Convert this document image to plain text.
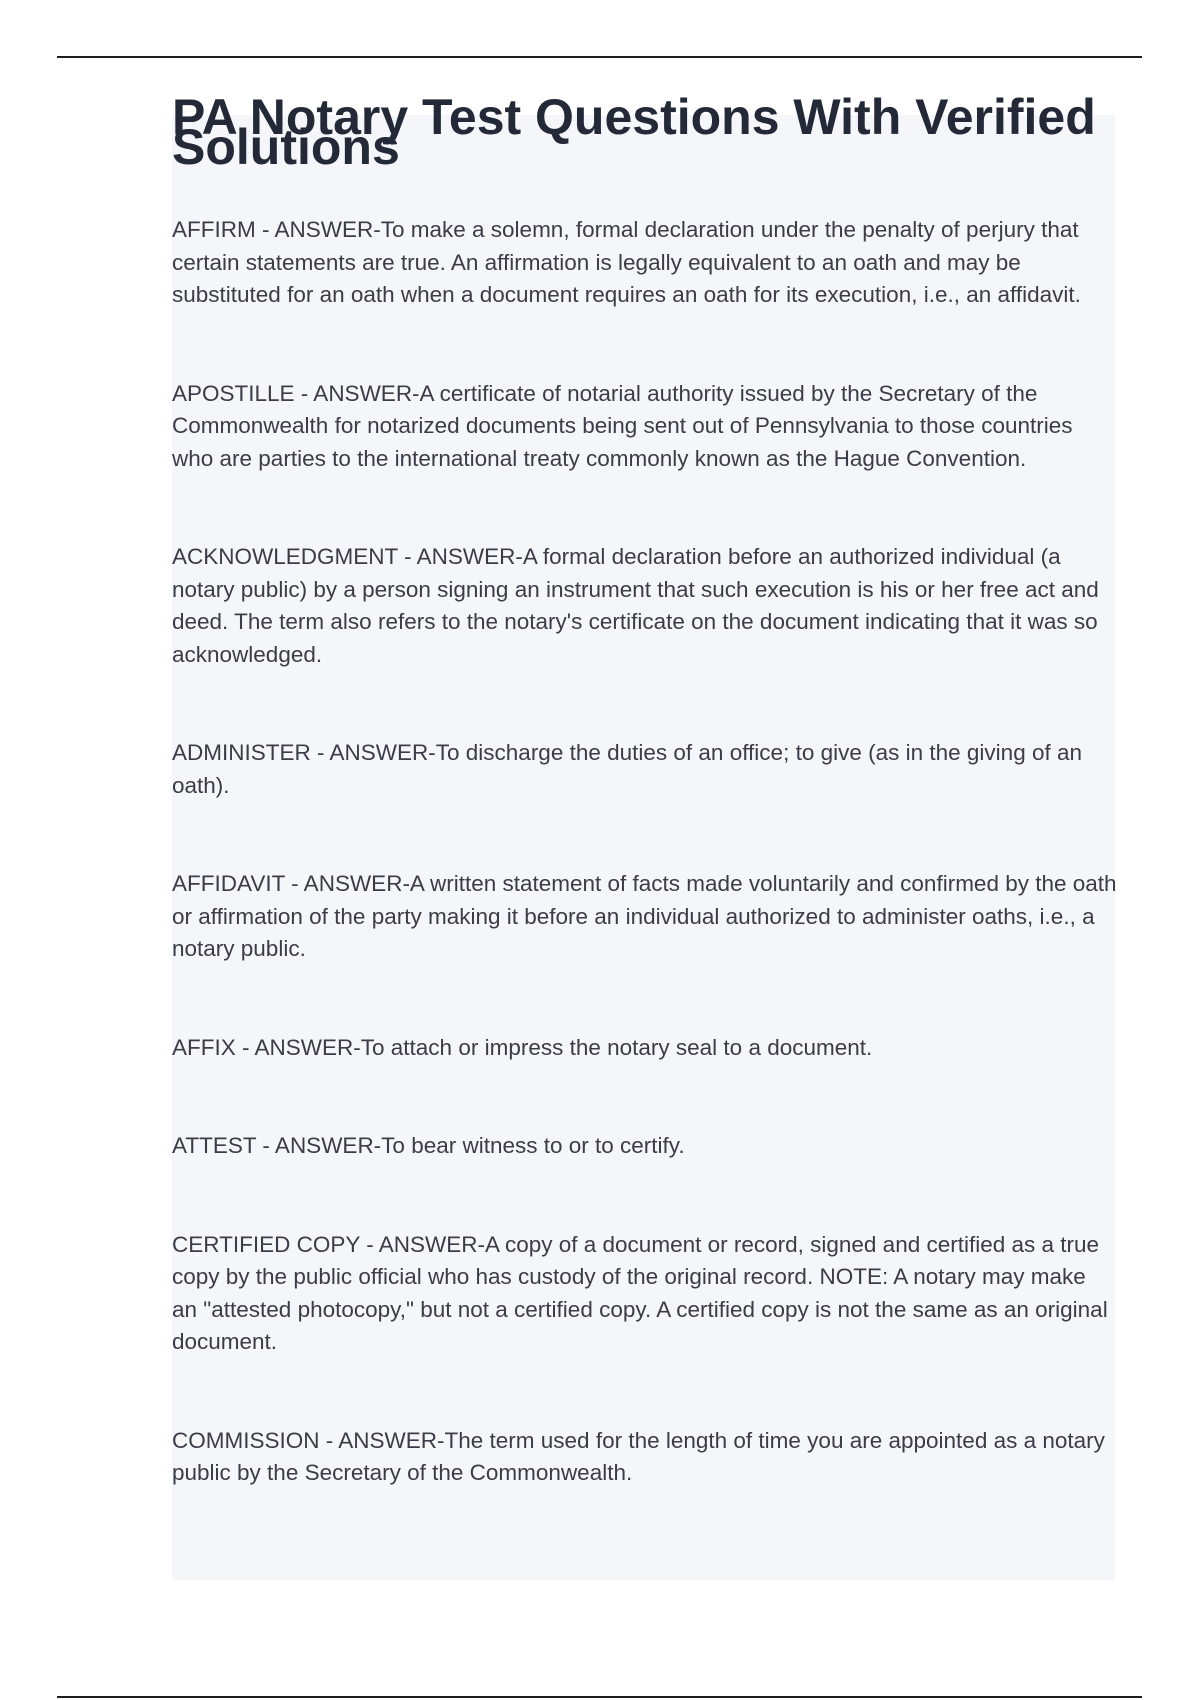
PA Notary Test Questions With Verified Solutions

AFFIRM - ANSWER-To make a solemn, formal declaration under the penalty of perjury that certain statements are true. An affirmation is legally equivalent to an oath and may be substituted for an oath when a document requires an oath for its execution, i.e., an affidavit.

APOSTILLE - ANSWER-A certificate of notarial authority issued by the Secretary of the Commonwealth for notarized documents being sent out of Pennsylvania to those countries who are parties to the international treaty commonly known as the Hague Convention.

ACKNOWLEDGMENT - ANSWER-A formal declaration before an authorized individual (a notary public) by a person signing an instrument that such execution is his or her free act and deed. The term also refers to the notary's certificate on the document indicating that it was so acknowledged.

ADMINISTER - ANSWER-To discharge the duties of an office; to give (as in the giving of an oath).

AFFIDAVIT - ANSWER-A written statement of facts made voluntarily and confirmed by the oath or affirmation of the party making it before an individual authorized to administer oaths, i.e., a notary public.

AFFIX - ANSWER-To attach or impress the notary seal to a document.

ATTEST - ANSWER-To bear witness to or to certify.

CERTIFIED COPY - ANSWER-A copy of a document or record, signed and certified as a true copy by the public official who has custody of the original record. NOTE: A notary may make an "attested photocopy," but not a certified copy. A certified copy is not the same as an original document.

COMMISSION - ANSWER-The term used for the length of time you are appointed as a notary public by the Secretary of the Commonwealth.
